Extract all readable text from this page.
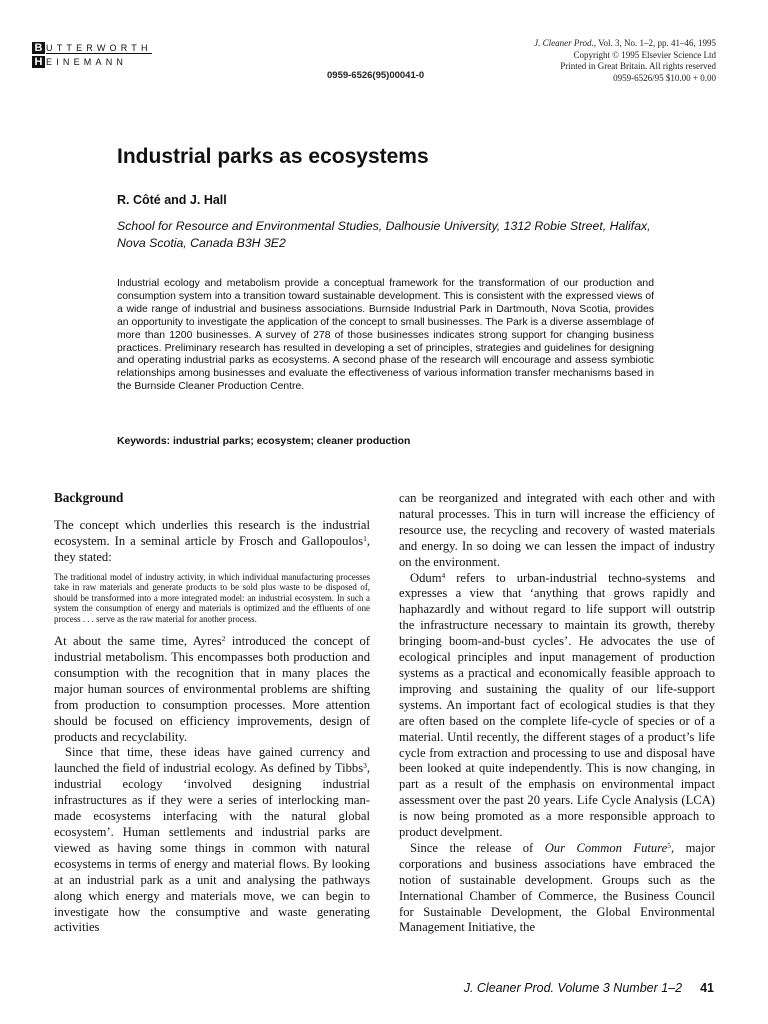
B
H
UTTERWORTH
EINEMANN
J. Cleaner Prod., Vol. 3, No. 1–2, pp. 41–46, 1995
Copyright © 1995 Elsevier Science Ltd
Printed in Great Britain. All rights reserved
0959-6526/95 $10.00 + 0.00
0959-6526(95)00041-0
Industrial parks as ecosystems
R. Côté and J. Hall
School for Resource and Environmental Studies, Dalhousie University, 1312 Robie Street, Halifax, Nova Scotia, Canada B3H 3E2
Industrial ecology and metabolism provide a conceptual framework for the transformation of our production and consumption system into a transition toward sustainable development. This is consistent with the expressed views of a wide range of industrial and business associations. Burnside Industrial Park in Dartmouth, Nova Scotia, provides an opportunity to investigate the application of the concept to small businesses. The Park is a diverse assemblage of more than 1200 businesses. A survey of 278 of those businesses indicates strong support for changing business practices. Preliminary research has resulted in developing a set of principles, strategies and guidelines for designing and operating industrial parks as ecosystems. A second phase of the research will encourage and assess symbiotic relationships among businesses and evaluate the effectiveness of various information transfer mechanisms based in the Burnside Cleaner Production Centre.
Keywords: industrial parks; ecosystem; cleaner production
Background

The concept which underlies this research is the industrial ecosystem. In a seminal article by Frosch and Gallopoulos$^1$, they stated:

The traditional model of industry activity, in which individual manufacturing processes take in raw materials and generate products to be sold plus waste to be disposed of, should be transformed into a more integrated model: an industrial ecosystem. In such a system the consumption of energy and materials is optimized and the effluents of one process . . . serve as the raw material for another process.

At about the same time, Ayres$^2$ introduced the concept of industrial metabolism. This encompasses both production and consumption with the recognition that in many places the major human sources of environmental problems are shifting from production to consumption processes. More attention should be focused on efficiency improvements, design of products and recyclability.

Since that time, these ideas have gained currency and launched the field of industrial ecology. As defined by Tibbs$^3$, industrial ecology ‘involved designing industrial infrastructures as if they were a series of interlocking man-made ecosystems interfacing with the natural global ecosystem’. Human settlements and industrial parks are viewed as having some things in common with natural ecosystems in terms of energy and material flows. By looking at an industrial park as a unit and analysing the pathways along which energy and materials move, we can begin to investigate how the consumptive and waste generating activities

can be reorganized and integrated with each other and with natural processes. This in turn will increase the efficiency of resource use, the recycling and recovery of wasted materials and energy. In so doing we can lessen the impact of industry on the environment.

Odum$^4$ refers to urban-industrial techno-systems and expresses a view that ‘anything that grows rapidly and haphazardly and without regard to life support will outstrip the infrastructure necessary to maintain its growth, thereby bringing boom-and-bust cycles’. He advocates the use of ecological principles and input management of production systems as a practical and economically feasible approach to improving and sustaining the quality of our life-support systems. An important fact of ecological studies is that they are often based on the complete life-cycle of species or of a material. Until recently, the different stages of a product’s life cycle from extraction and processing to use and disposal have been looked at quite independently. This is now changing, in part as a result of the emphasis on environmental impact assessment over the past 20 years. Life Cycle Analysis (LCA) is now being promoted as a more responsible approach to product develpment.

Since the release of Our Common Future$^5$, major corporations and business associations have embraced the notion of sustainable development. Groups such as the International Chamber of Commerce, the Business Council for Sustainable Development, the Global Environmental Management Initiative, the

J. Cleaner Prod. Volume 3 Number 1–2 41
